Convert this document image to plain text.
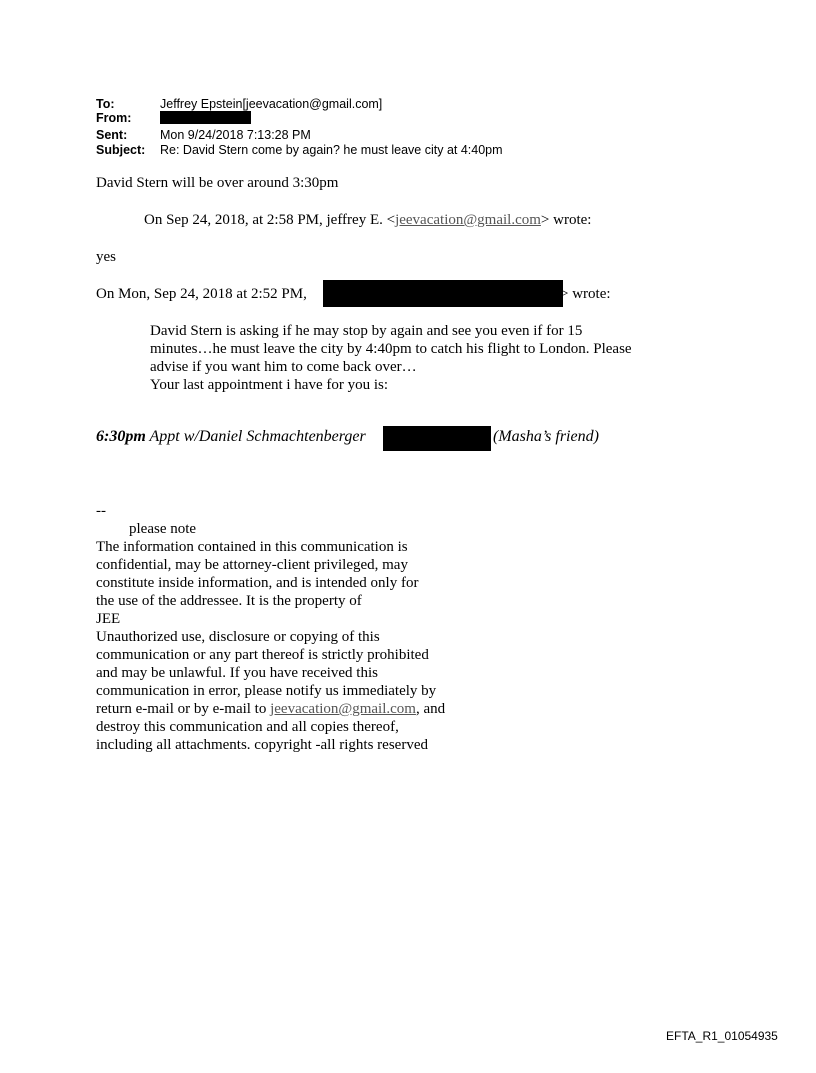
To:	Jeffrey Epstein[jeevacation@gmail.com]
From:
Sent:	Mon 9/24/2018 7:13:28 PM
Subject: Re: David Stern come by again? he must leave city at 4:40pm
David Stern will be over around 3:30pm
On Sep 24, 2018, at 2:58 PM, jeffrey E. <jeevacation@gmail.com> wrote:
yes
On Mon, Sep 24, 2018 at 2:52 PM,	> wrote:
David Stern is asking if he may stop by again and see you even if for 15
minutes…he must leave the city by 4:40pm to catch his flight to London. Please
advise if you want him to come back over…
Your last appointment i have for you is:
6:30pm Appt w/Daniel Schmachtenberger	(Masha’s friend)
--
please note
The information contained in this communication is
confidential, may be attorney-client privileged, may
constitute inside information, and is intended only for
the use of the addressee. It is the property of
JEE
Unauthorized use, disclosure or copying of this
communication or any part thereof is strictly prohibited
and may be unlawful. If you have received this
communication in error, please notify us immediately by
return e-mail or by e-mail to jeevacation@gmail.com, and
destroy this communication and all copies thereof,
including all attachments. copyright -all rights reserved
EFTA_R1_01054935
